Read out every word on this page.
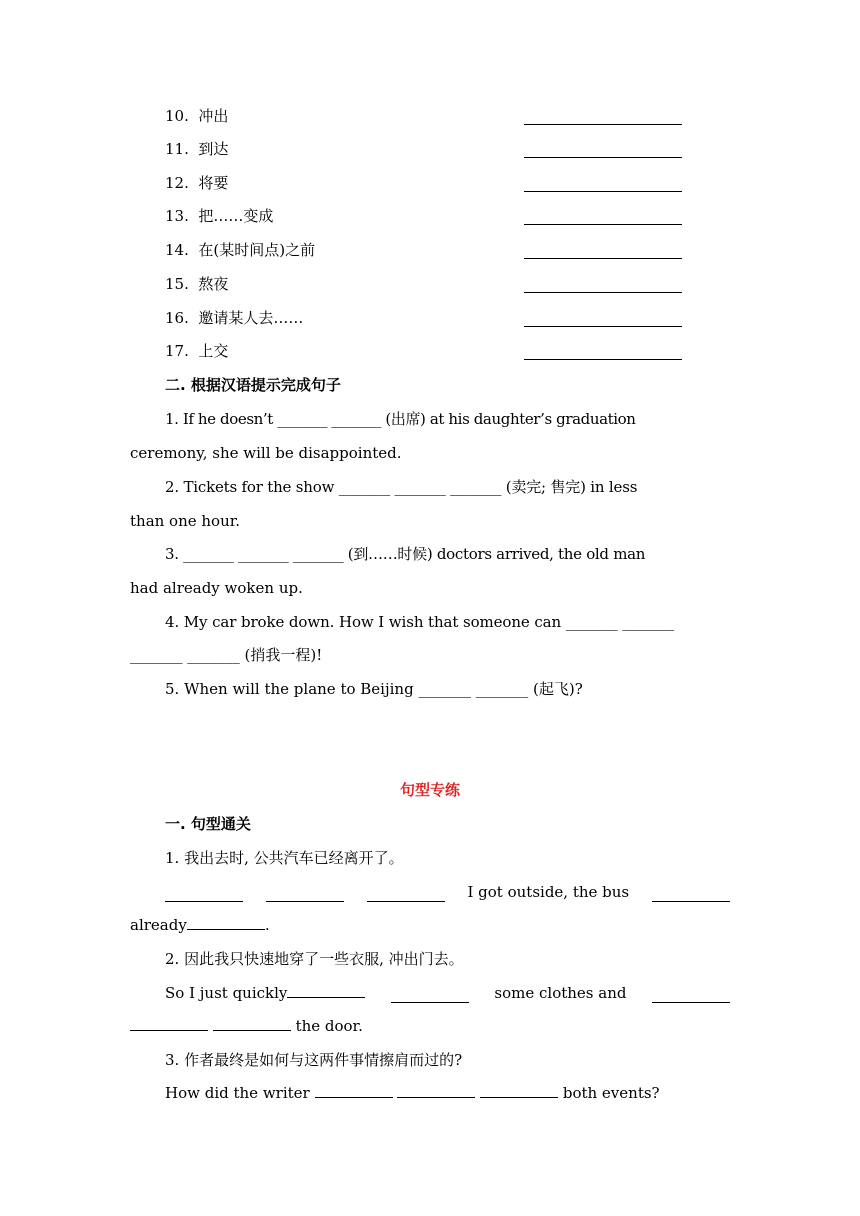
10. 冲出
11. 到达
12. 将要
13. 把……变成
14. 在(某时间点)之前
15. 熬夜
16. 邀请某人去……
17. 上交
二. 根据汉语提示完成句子
1. If he doesn’t _______ _______ (出席) at his daughter’s graduation
ceremony, she will be disappointed.
2. Tickets for the show _______ _______ _______ (卖完; 售完) in less
than one hour.
3. _______ _______ _______ (到……时候) doctors arrived, the old man
had already woken up.
4. My car broke down. How I wish that someone can _______ _______
_______ _______ (捎我一程)!
5. When will the plane to Beijing _______ _______ (起飞)?
句型专练
一. 句型通关
1. 我出去时, 公共汽车已经离开了。
I got outside, the bus
already	.
2. 因此我只快速地穿了一些衣服, 冲出门去。
So I just quickly	some clothes and
the door.
3. 作者最终是如何与这两件事情擦肩而过的?
How did the writer	both events?
